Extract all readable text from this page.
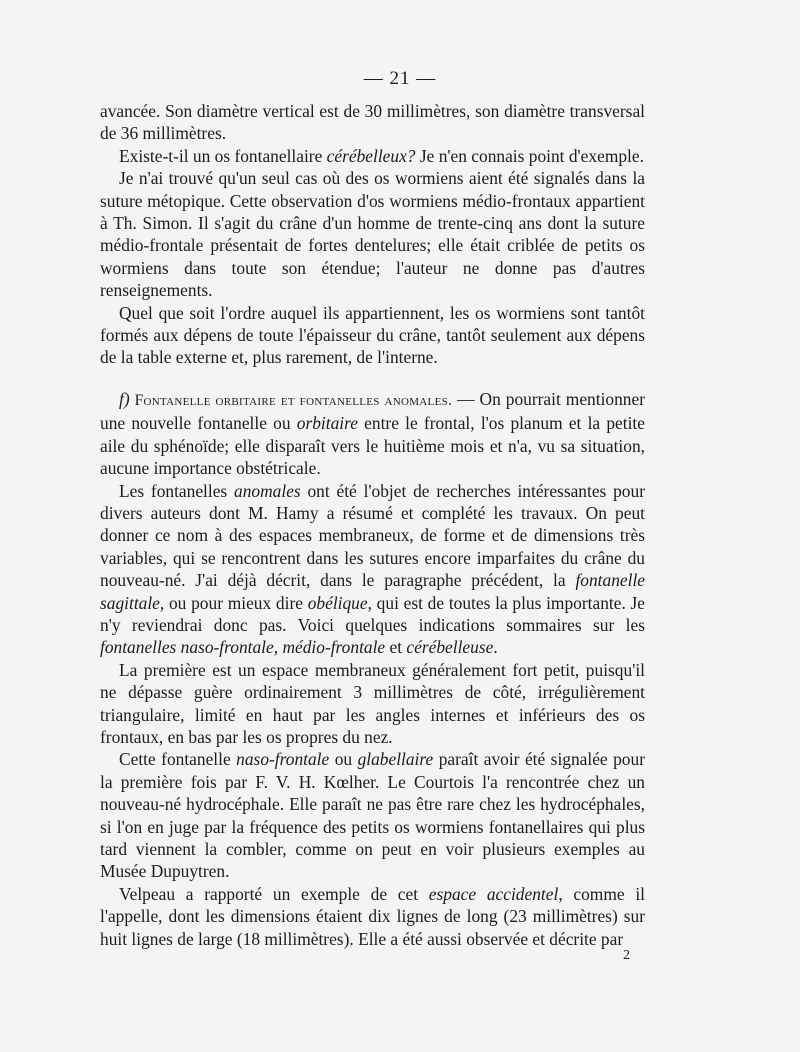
— 21 —

avancée. Son diamètre vertical est de 30 millimètres, son diamètre transversal de 36 millimètres.

Existe-t-il un os fontanellaire cérébelleux? Je n'en connais point d'exemple.

Je n'ai trouvé qu'un seul cas où des os wormiens aient été signalés dans la suture métopique. Cette observation d'os wormiens médio-frontaux appartient à Th. Simon. Il s'agit du crâne d'un homme de trente-cinq ans dont la suture médio-frontale présentait de fortes dentelures; elle était criblée de petits os wormiens dans toute son étendue; l'auteur ne donne pas d'autres renseignements.

Quel que soit l'ordre auquel ils appartiennent, les os wormiens sont tantôt formés aux dépens de toute l'épaisseur du crâne, tantôt seulement aux dépens de la table externe et, plus rarement, de l'interne.

f) Fontanelle orbitaire et fontanelles anomales. — On pourrait mentionner une nouvelle fontanelle ou orbitaire entre le frontal, l'os planum et la petite aile du sphénoïde; elle disparaît vers le huitième mois et n'a, vu sa situation, aucune importance obstétricale.

Les fontanelles anomales ont été l'objet de recherches intéressantes pour divers auteurs dont M. Hamy a résumé et complété les travaux. On peut donner ce nom à des espaces membraneux, de forme et de dimensions très variables, qui se rencontrent dans les sutures encore imparfaites du crâne du nouveau-né. J'ai déjà décrit, dans le paragraphe précédent, la fontanelle sagittale, ou pour mieux dire obélique, qui est de toutes la plus importante. Je n'y reviendrai donc pas. Voici quelques indications sommaires sur les fontanelles naso-frontale, médio-frontale et cérébelleuse.

La première est un espace membraneux généralement fort petit, puisqu'il ne dépasse guère ordinairement 3 millimètres de côté, irrégulièrement triangulaire, limité en haut par les angles internes et inférieurs des os frontaux, en bas par les os propres du nez.

Cette fontanelle naso-frontale ou glabellaire paraît avoir été signalée pour la première fois par F. V. H. Kœlher. Le Courtois l'a rencontrée chez un nouveau-né hydrocéphale. Elle paraît ne pas être rare chez les hydrocéphales, si l'on en juge par la fréquence des petits os wormiens fontanellaires qui plus tard viennent la combler, comme on peut en voir plusieurs exemples au Musée Dupuytren.

Velpeau a rapporté un exemple de cet espace accidentel, comme il l'appelle, dont les dimensions étaient dix lignes de long (23 millimètres) sur huit lignes de large (18 millimètres). Elle a été aussi observée et décrite par

2
